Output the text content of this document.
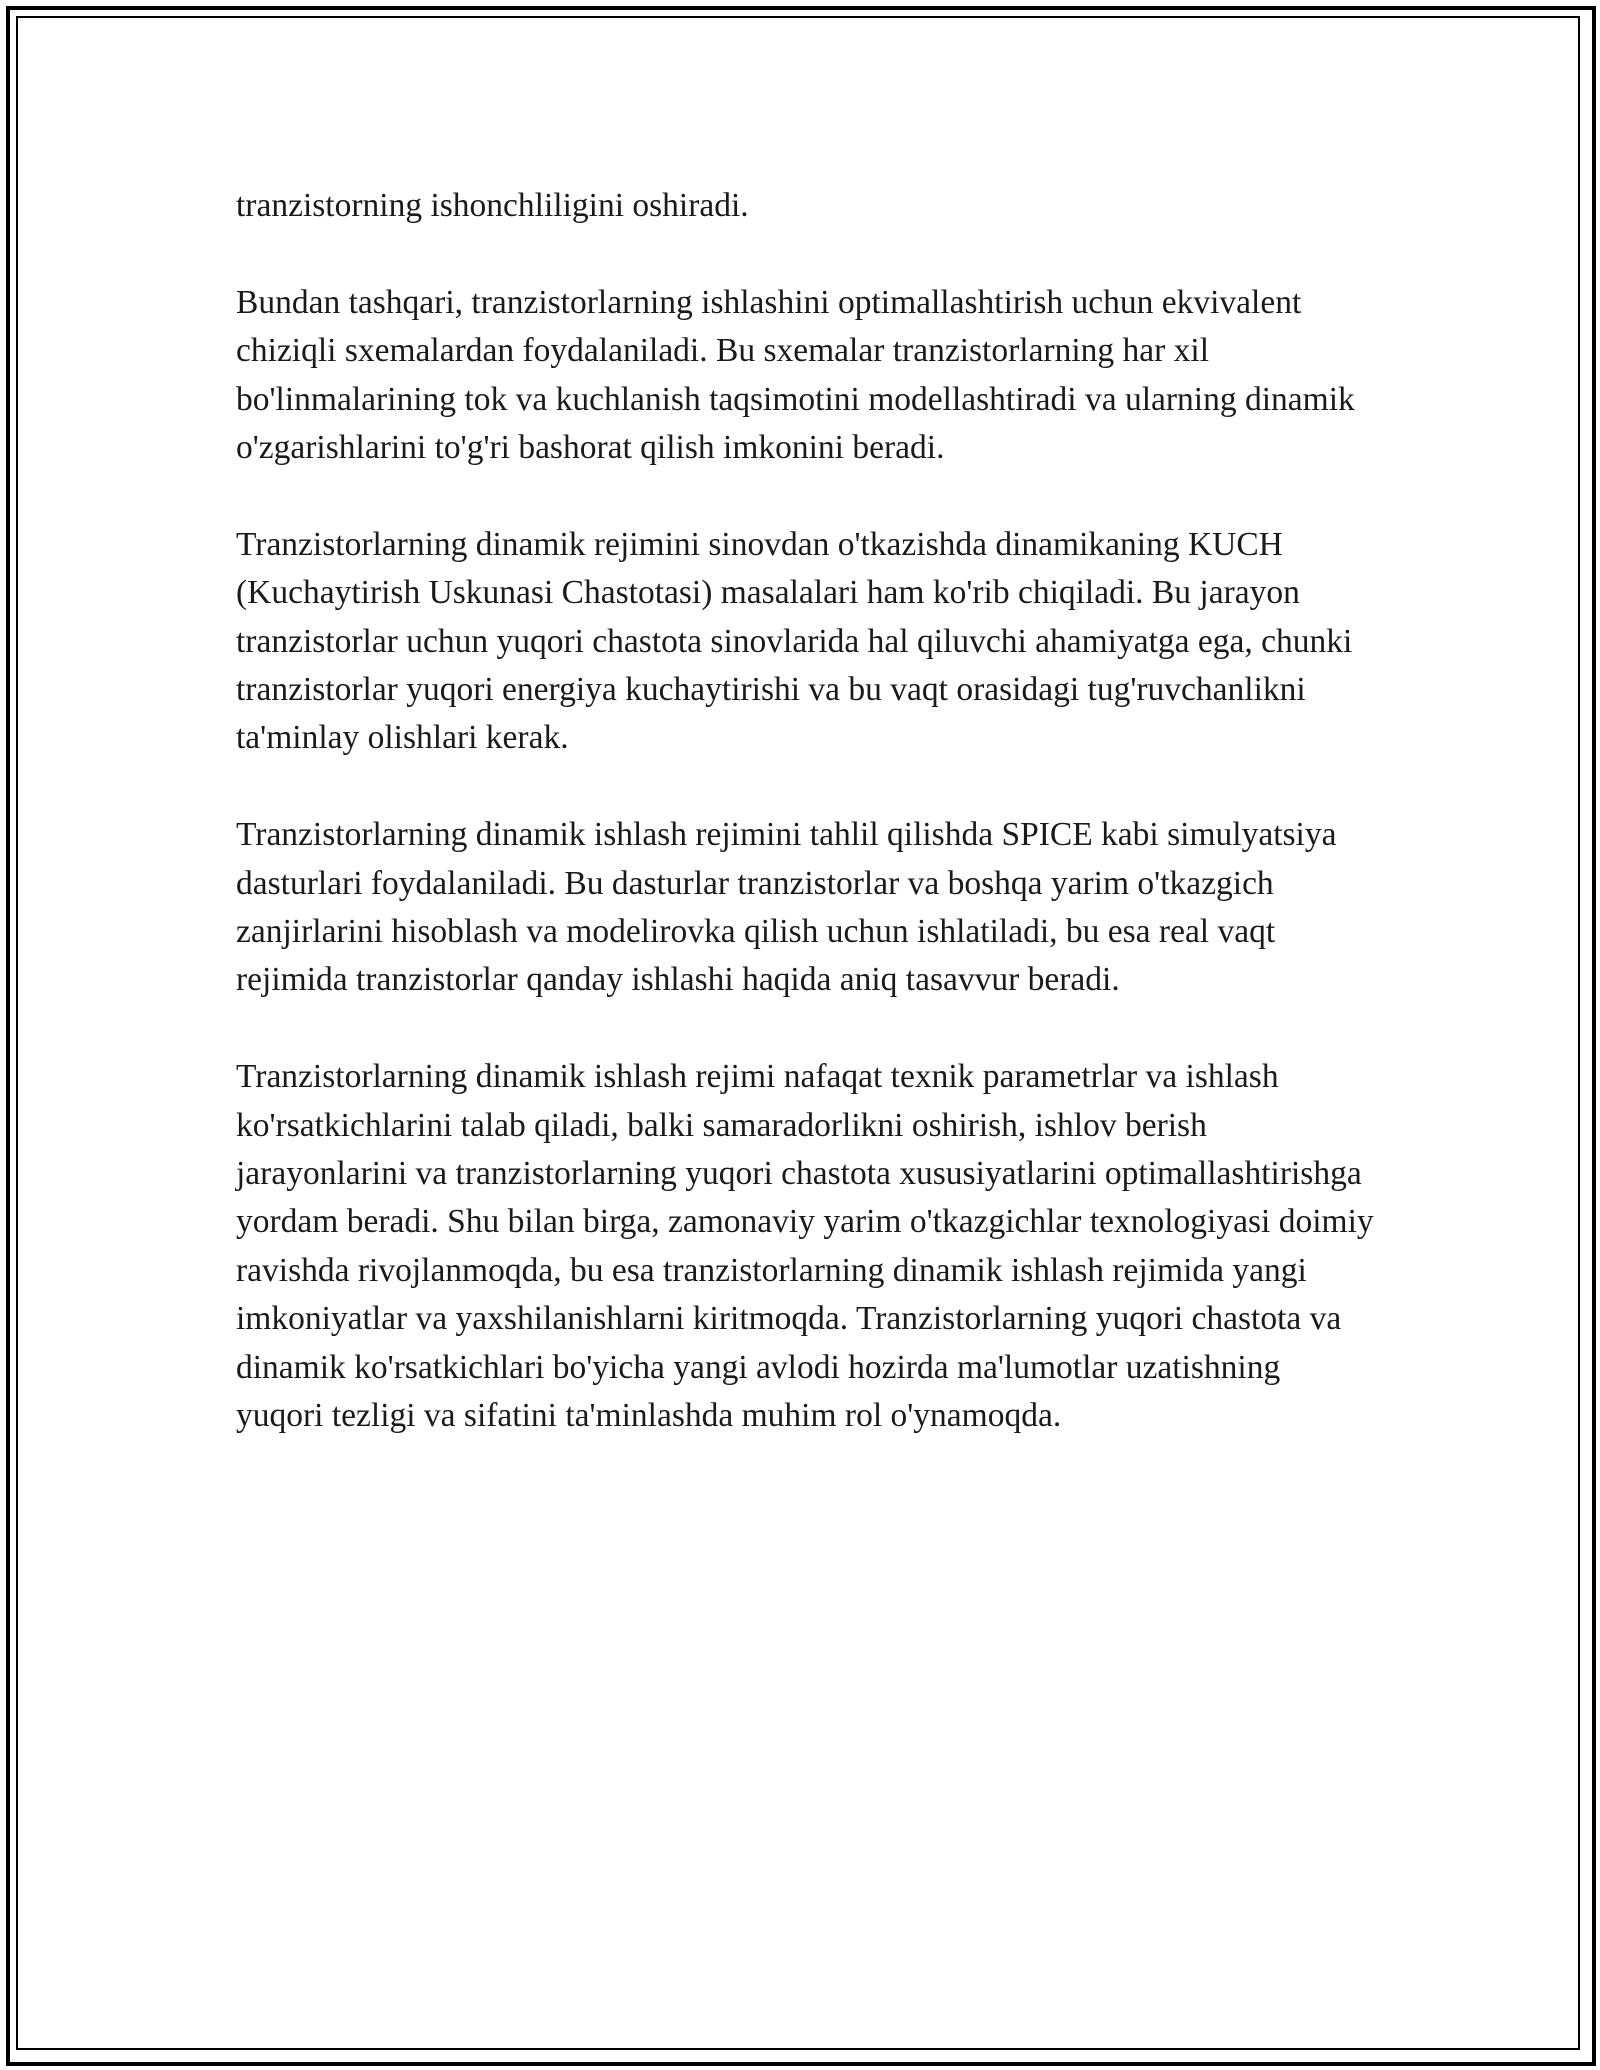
tranzistorning ishonchliligini oshiradi.

Bundan tashqari, tranzistorlarning ishlashini optimallashtirish uchun ekvivalent chiziqli sxemalardan foydalaniladi. Bu sxemalar tranzistorlarning har xil bo'linmalarining tok va kuchlanish taqsimotini modellashtiradi va ularning dinamik o'zgarishlarini to'g'ri bashorat qilish imkonini beradi.

Tranzistorlarning dinamik rejimini sinovdan o'tkazishda dinamikaning KUCH (Kuchaytirish Uskunasi Chastotasi) masalalari ham ko'rib chiqiladi. Bu jarayon tranzistorlar uchun yuqori chastota sinovlarida hal qiluvchi ahamiyatga ega, chunki tranzistorlar yuqori energiya kuchaytirishi va bu vaqt orasidagi tug'ruvchanlikni ta'minlay olishlari kerak.

Tranzistorlarning dinamik ishlash rejimini tahlil qilishda SPICE kabi simulyatsiya dasturlari foydalaniladi. Bu dasturlar tranzistorlar va boshqa yarim o'tkazgich zanjirlarini hisoblash va modelirovka qilish uchun ishlatiladi, bu esa real vaqt rejimida tranzistorlar qanday ishlashi haqida aniq tasavvur beradi.

Tranzistorlarning dinamik ishlash rejimi nafaqat texnik parametrlar va ishlash ko'rsatkichlarini talab qiladi, balki samaradorlikni oshirish, ishlov berish jarayonlarini va tranzistorlarning yuqori chastota xususiyatlarini optimallashtirishga yordam beradi. Shu bilan birga, zamonaviy yarim o'tkazgichlar texnologiyasi doimiy ravishda rivojlanmoqda, bu esa tranzistorlarning dinamik ishlash rejimida yangi imkoniyatlar va yaxshilanishlarni kiritmoqda. Tranzistorlarning yuqori chastota va dinamik ko'rsatkichlari bo'yicha yangi avlodi hozirda ma'lumotlar uzatishning yuqori tezligi va sifatini ta'minlashda muhim rol o'ynamoqda.
